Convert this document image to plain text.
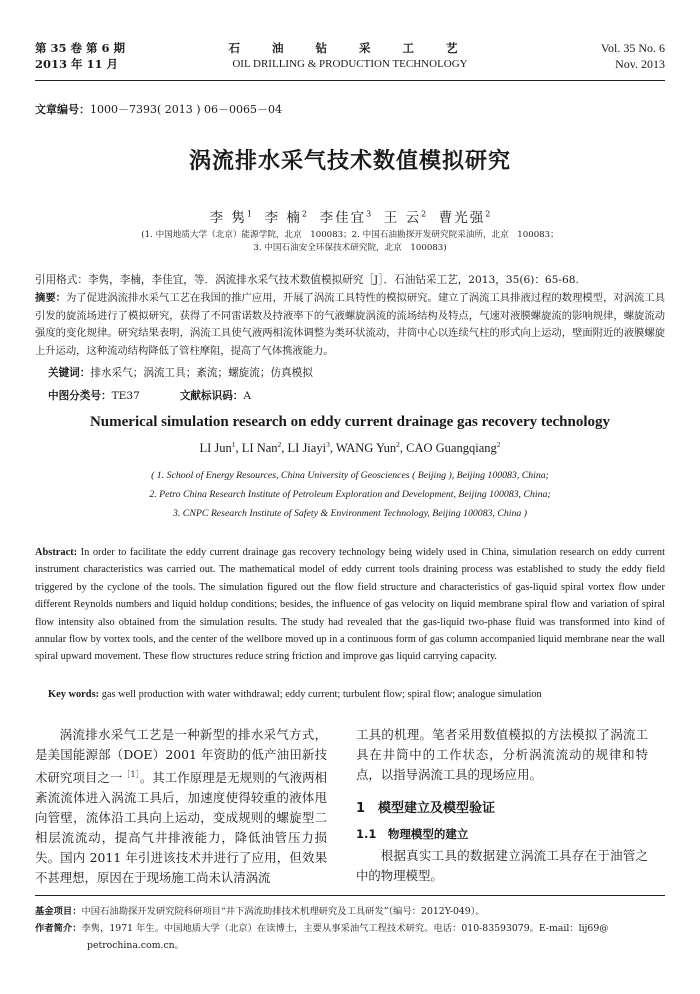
第 35 卷 第 6 期
2013 年 11 月
石 油 钻 采 工 艺
OIL DRILLING & PRODUCTION TECHNOLOGY
Vol. 35 No. 6
Nov. 2013
文章编号：1000－7393( 2013 ) 06－0065－04
涡流排水采气技术数值模拟研究
李 隽$^1$ 李 楠$^2$ 李佳宜$^3$ 王 云$^2$ 曹光强$^2$
(1. 中国地质大学（北京）能源学院，北京　100083；2. 中国石油勘探开发研究院采油所，北京　100083；
3. 中国石油安全环保技术研究院，北京　100083)
引用格式：李隽，李楠，李佳宜，等．涡流排水采气技术数值模拟研究［J］．石油钻采工艺，2013，35(6)：65-68.
摘要：为了促进涡流排水采气工艺在我国的推广应用，开展了涡流工具特性的模拟研究。建立了涡流工具排液过程的数理模型，对涡流工具引发的旋流场进行了模拟研究，获得了不同雷诺数及持液率下的气液螺旋涡流的流场结构及特点，气速对液膜螺旋流的影响规律，螺旋流动强度的变化规律。研究结果表明，涡流工具使气液两相流体调整为类环状流动，井筒中心以连续气柱的形式向上运动，壁面附近的液膜螺旋上升运动，这种流动结构降低了管柱摩阻，提高了气体携液能力。
关键词：排水采气；涡流工具；紊流；螺旋流；仿真模拟
中图分类号：TE37	文献标识码：A
Numerical simulation research on eddy current drainage gas recovery technology
LI Jun$^1$, LI Nan$^2$, LI Jiayi$^3$, WANG Yun$^2$, CAO Guangqiang$^2$
( 1. School of Energy Resources, China University of Geosciences ( Beijing ), Beijing 100083, China;
2. Petro China Research Institute of Petroleum Exploration and Development, Beijing 100083, China;
3. CNPC Research Institute of Safety & Environment Technology, Beijing 100083, China )
Abstract: In order to facilitate the eddy current drainage gas recovery technology being widely used in China, simulation research on eddy current instrument characteristics was carried out. The mathematical model of eddy current tools draining process was established to study the eddy field triggered by the cyclone of the tools. The simulation figured out the flow field structure and characteristics of gas-liquid spiral vortex flow under different Reynolds numbers and liquid holdup conditions; besides, the influence of gas velocity on liquid membrane spiral flow and variation of spiral flow intensity also obtained from the simulation results. The study had revealed that the gas-liquid two-phase fluid was transformed into kind of annular flow by vortex tools, and the center of the wellbore moved up in a continuous form of gas column accompanied liquid membrane near the wall spiral upward movement. These flow structures reduce string friction and improve gas liquid carrying capacity.
Key words: gas well production with water withdrawal; eddy current; turbulent flow; spiral flow; analogue simulation

涡流排水采气工艺是一种新型的排水采气方式，是美国能源部（DOE）2001 年资助的低产油田新技术研究项目之一$^{[1]}$。其工作原理是无规则的气液两相紊流流体进入涡流工具后，加速度使得较重的液体甩向管壁，流体沿工具向上运动，变成规则的螺旋型二相层流流动，提高气井排液能力，降低油管压力损失。国内 2011 年引进该技术并进行了应用，但效果不甚理想，原因在于现场施工尚未认清涡流

工具的机理。笔者采用数值模拟的方法模拟了涡流工具在井筒中的工作状态，分析涡流流动的规律和特点，以指导涡流工具的现场应用。

1　模型建立及模型验证
1.1　物理模型的建立

根据真实工具的数据建立涡流工具存在于油管之中的物理模型。

基金项目：中国石油勘探开发研究院科研项目“井下涡流助排技术机理研究及工具研发”（编号：2012Y-049）。
作者简介：李隽，1971 年生。中国地质大学（北京）在读博士，主要从事采油气工程技术研究。电话：010-83593079。E-mail：lij69@
petrochina.com.cn。
